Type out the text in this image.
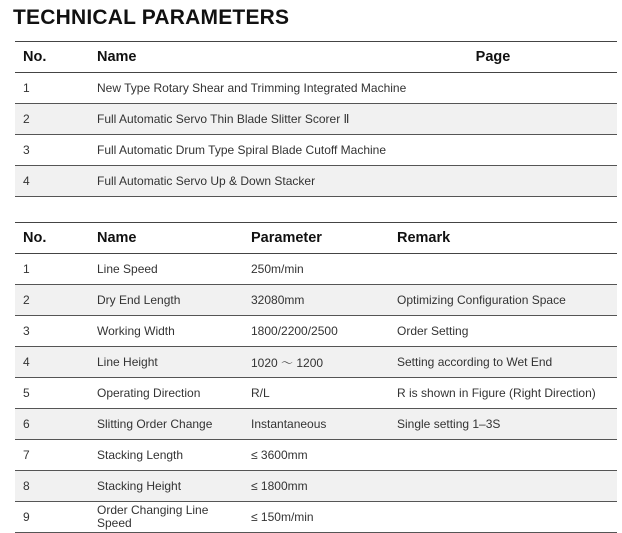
TECHNICAL PARAMETERS
No.	Name	Page
1	New Type Rotary Shear and Trimming Integrated Machine	
2	Full Automatic Servo Thin Blade Slitter Scorer Ⅱ	
3	Full Automatic Drum Type Spiral Blade Cutoff Machine	
4	Full Automatic Servo Up & Down Stacker	
No.	Name	Parameter	Remark
1	Line Speed	250m/min	
2	Dry End Length	32080mm	Optimizing Configuration Space
3	Working Width	1800/2200/2500	Order Setting
4	Line Height	1020 ～ 1200	Setting according to Wet End
5	Operating Direction	R/L	R is shown in Figure (Right Direction)
6	Slitting Order Change	Instantaneous	Single setting 1–3S
7	Stacking Length	≤ 3600mm	
8	Stacking Height	≤ 1800mm	
9	Order Changing Line Speed	≤ 150m/min	
